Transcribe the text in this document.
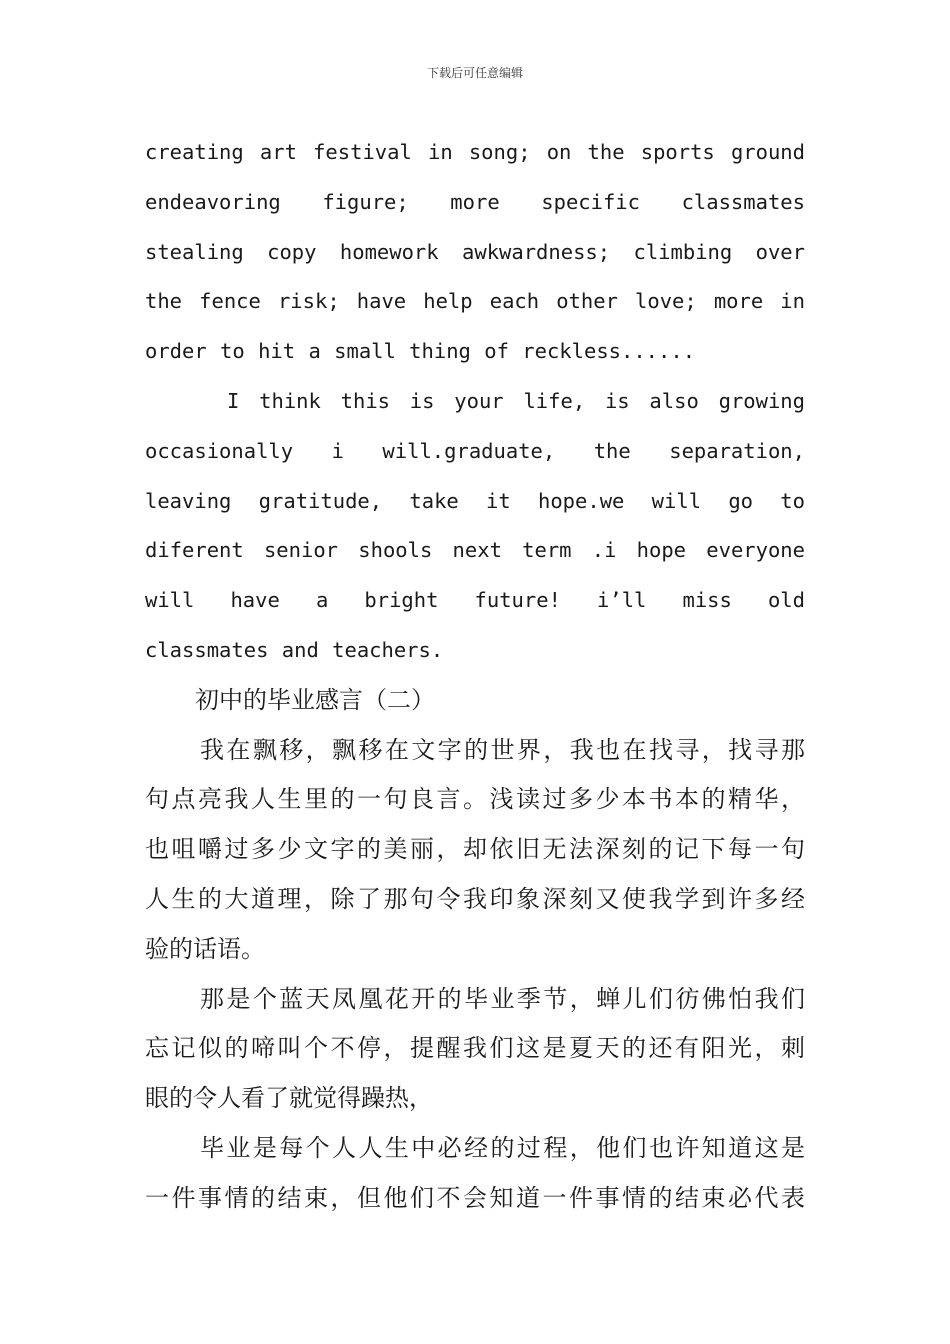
下载后可任意编辑
creating art festival in song; on the sports ground
endeavoring figure; more specific classmates
stealing copy homework awkwardness; climbing over
the fence risk; have help each other love; more in
order to hit a small thing of reckless......
I think this is your life, is also growing
occasionally i will.graduate, the separation,
leaving gratitude, take it hope.we will go to
diferent senior shools next term .i hope everyone
will have a bright future! i’ll miss old
classmates and teachers.
初中的毕业感言（二）
我在飘移，飘移在文字的世界，我也在找寻，找寻那
句点亮我人生里的一句良言。浅读过多少本书本的精华，
也咀嚼过多少文字的美丽，却依旧无法深刻的记下每一句
人生的大道理，除了那句令我印象深刻又使我学到许多经
验的话语。
那是个蓝天凤凰花开的毕业季节，蝉儿们彷佛怕我们
忘记似的啼叫个不停，提醒我们这是夏天的还有阳光，刺
眼的令人看了就觉得躁热，
毕业是每个人人生中必经的过程，他们也许知道这是
一件事情的结束，但他们不会知道一件事情的结束必代表
